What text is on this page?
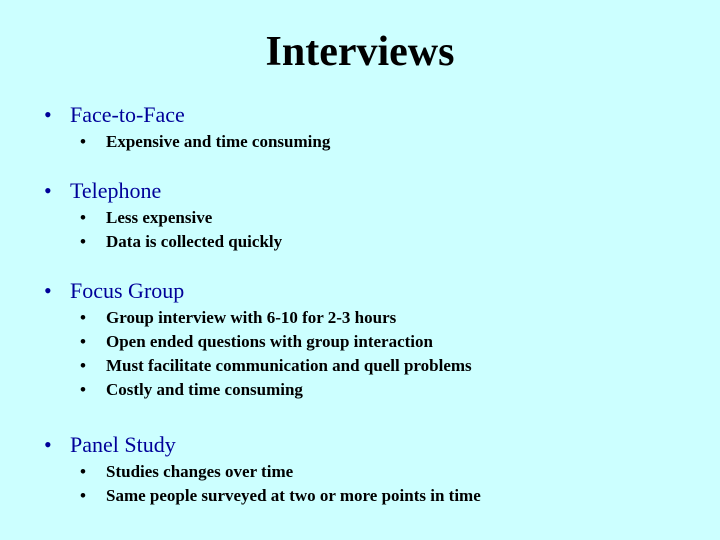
Interviews
• Face-to-Face
• Expensive and time consuming
• Telephone
• Less expensive
• Data is collected quickly
• Focus Group
• Group interview with 6-10 for 2-3 hours
• Open ended questions with group interaction
• Must facilitate communication and quell problems
• Costly and time consuming
• Panel Study
• Studies changes over time
• Same people surveyed at two or more points in time
